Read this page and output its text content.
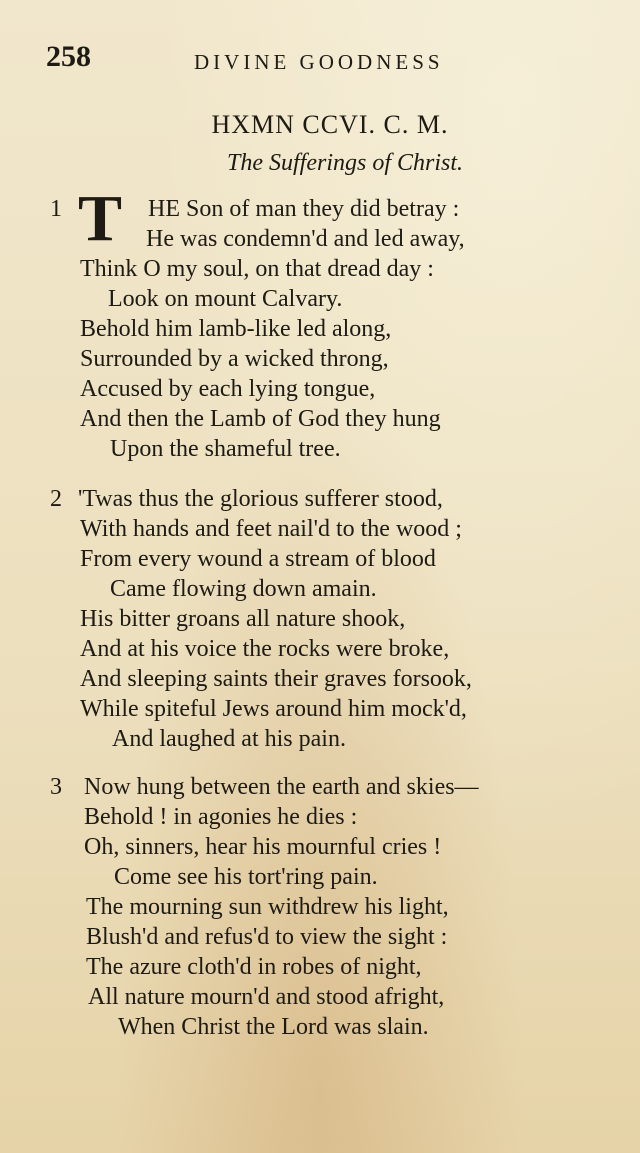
258	DIVINE GOODNESS
HXMN CCVI. C. M.
The Sufferings of Christ.
T
1	HE Son of man they did betray :
He was condemn'd and led away,
Think O my soul, on that dread day :
Look on mount Calvary.
Behold him lamb-like led along,
Surrounded by a wicked throng,
Accused by each lying tongue,
And then the Lamb of God they hung
Upon the shameful tree.
2 'Twas thus the glorious sufferer stood,
With hands and feet nail'd to the wood ;
From every wound a stream of blood
Came flowing down amain.
His bitter groans all nature shook,
And at his voice the rocks were broke,
And sleeping saints their graves forsook,
While spiteful Jews around him mock'd,
And laughed at his pain.
3 Now hung between the earth and skies—
Behold ! in agonies he dies :
Oh, sinners, hear his mournful cries !
Come see his tort'ring pain.
The mourning sun withdrew his light,
Blush'd and refus'd to view the sight :
The azure cloth'd in robes of night,
All nature mourn'd and stood afright,
When Christ the Lord was slain.
